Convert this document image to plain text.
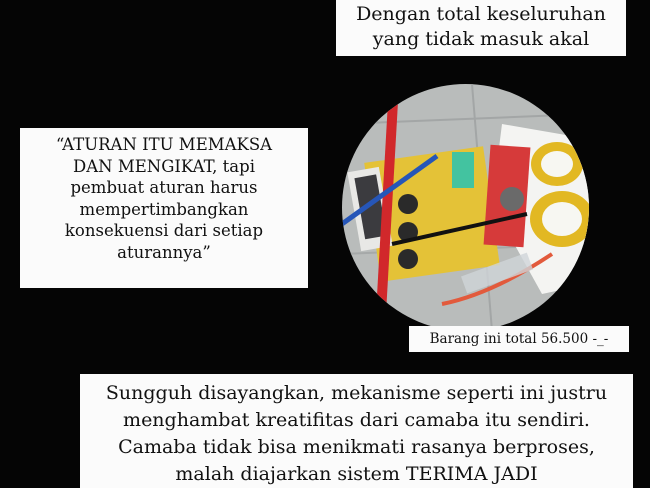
Dengan total keseluruhan
yang tidak masuk akal
“ATURAN ITU MEMAKSA
DAN MENGIKAT, tapi
pembuat aturan harus
mempertimbangkan
konsekuensi dari setiap
aturannya”
Barang ini total 56.500 -_-
Sungguh disayangkan, mekanisme seperti ini justru
menghambat kreatifitas dari camaba itu sendiri.
Camaba tidak bisa menikmati rasanya berproses,
malah diajarkan sistem TERIMA JADI
